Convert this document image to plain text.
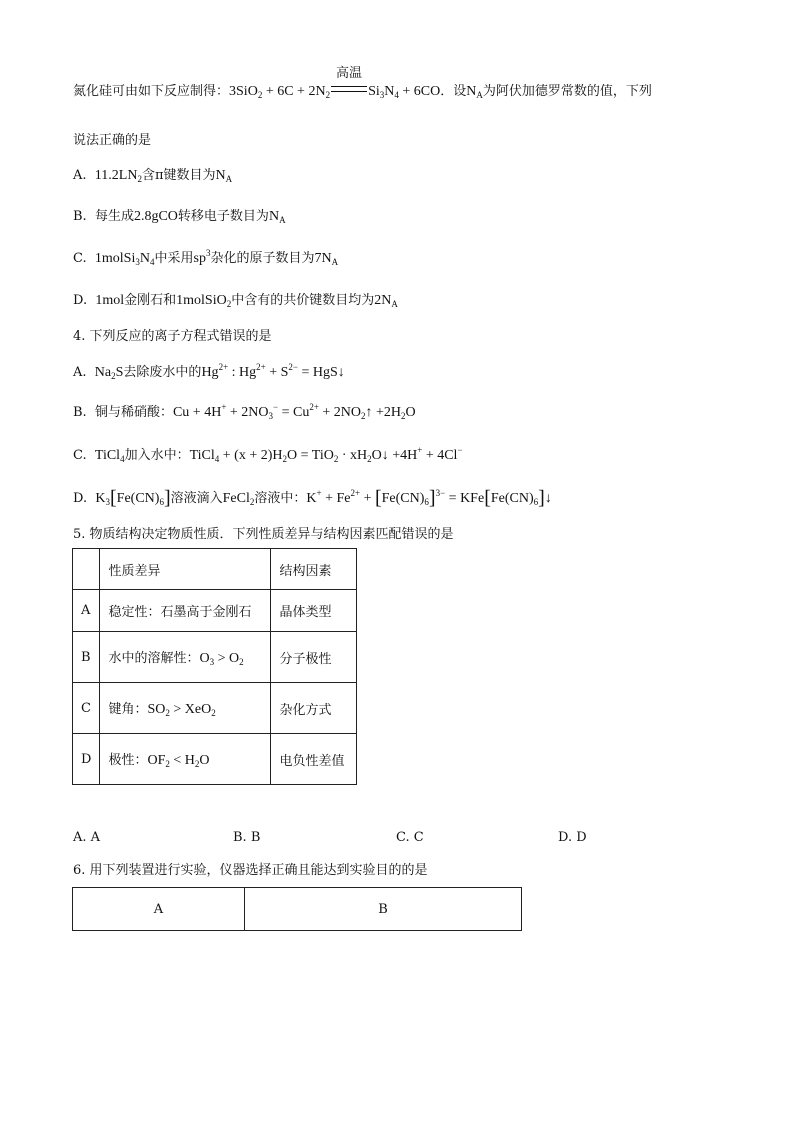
氮化硅可由如下反应制得：$3SiO_2 + 6C + 2N_2$
高温
$Si_3N_4 + 6CO$．设$N_A$为阿伏加德罗常数的值，下列
说法正确的是
A. $11.2LN_2$含π键数目为$N_A$
B. 每生成2.8gCO转移电子数目为$N_A$
C. $1molSi_3N_4$中采用$sp^3$杂化的原子数目为$7N_A$
D. 1mol金刚石和1molSiO$_2$中含有的共价键数目均为$2N_A$
4. 下列反应的离子方程式错误的是
A. $Na_2S$去除废水中的$Hg^{2+}$ : $Hg^{2+} + S^{2-}$ = HgS↓
B. 铜与稀硝酸：$Cu + 4H^+ + 2NO_3^- = Cu^{2+}$ + $2NO_2↑ +2H_2O$
C. TiCl$_4$加入水中：TiCl$_4$ + $(x + 2)H_2O = TiO_2$ · $xH_2O↓ +4H^+ + 4Cl^-$
D. $K_3[Fe(CN)_6]$溶液滴入FeCl$_2$溶液中：$K^+ + Fe^{2+} + [Fe(CN)_6]^{3-}$ = $KFe[Fe(CN)_6]↓$
5. 物质结构决定物质性质．下列性质差异与结构因素匹配错误的是
	性质差异	结构因素
A	稳定性：石墨高于金刚石	晶体类型
B	水中的溶解性：$O_3 > O_2$	分子极性
C	键角：$SO_2 > XeO_2$	杂化方式
D	极性：$OF_2 < H_2O$	电负性差值
A. A	B. B	C. C	D. D
6. 用下列装置进行实验，仪器选择正确且能达到实验目的的是
A	B
